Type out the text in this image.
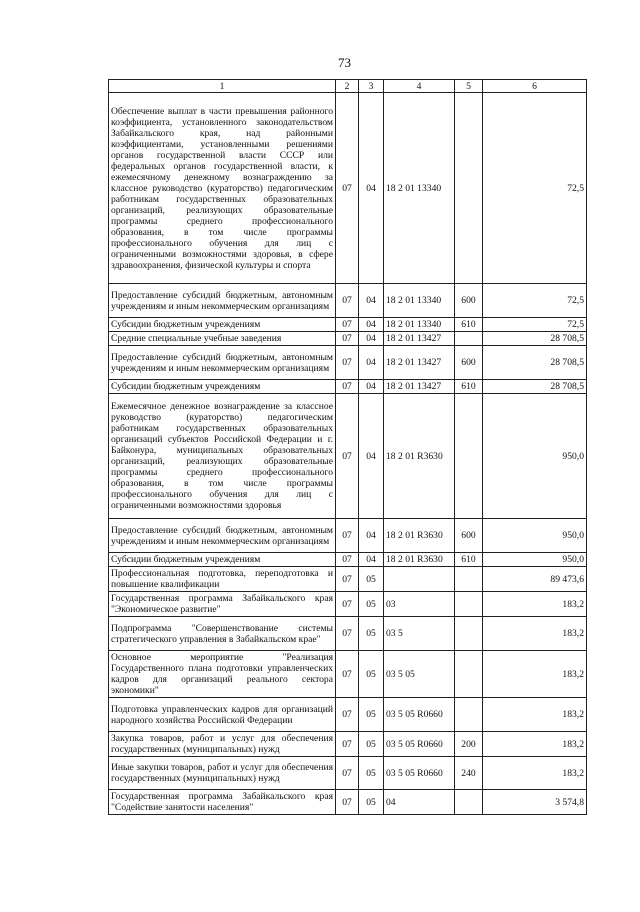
73
1	2	3	4	5	6
Обеспечение выплат в части превышения районного коэффициента, установленного законодательством Забайкальского края, над районными коэффициентами, установленными решениями органов государственной власти СССР или федеральных органов государственной власти, к ежемесячному денежному вознаграждению за классное руководство (кураторство) педагогическим работникам государственных образовательных организаций, реализующих образовательные программы среднего профессионального образования, в том числе программы профессионального обучения для лиц с ограниченными возможностями здоровья, в сфере здравоохранения, физической культуры и спорта	07	04	18 2 01 13340		72,5
Предоставление субсидий бюджетным, автономным учреждениям и иным некоммерческим организациям	07	04	18 2 01 13340	600	72,5
Субсидии бюджетным учреждениям	07	04	18 2 01 13340	610	72,5
Средние специальные учебные заведения	07	04	18 2 01 13427		28 708,5
Предоставление субсидий бюджетным, автономным учреждениям и иным некоммерческим организациям	07	04	18 2 01 13427	600	28 708,5
Субсидии бюджетным учреждениям	07	04	18 2 01 13427	610	28 708,5
Ежемесячное денежное вознаграждение за классное руководство (кураторство) педагогическим работникам государственных образовательных организаций субъектов Российской Федерации и г. Байконура, муниципальных образовательных организаций, реализующих образовательные программы среднего профессионального образования, в том числе программы профессионального обучения для лиц с ограниченными возможностями здоровья	07	04	18 2 01 R3630		950,0
Предоставление субсидий бюджетным, автономным учреждениям и иным некоммерческим организациям	07	04	18 2 01 R3630	600	950,0
Субсидии бюджетным учреждениям	07	04	18 2 01 R3630	610	950,0
Профессиональная подготовка, переподготовка и повышение квалификации	07	05			89 473,6
Государственная программа Забайкальского края "Экономическое развитие"	07	05	03		183,2
Подпрограмма "Совершенствование системы стратегического управления в Забайкальском крае"	07	05	03 5		183,2
Основное мероприятие "Реализация Государственного плана подготовки управленческих кадров для организаций реального сектора экономики"	07	05	03 5 05		183,2
Подготовка управленческих кадров для организаций народного хозяйства Российской Федерации	07	05	03 5 05 R0660		183,2
Закупка товаров, работ и услуг для обеспечения государственных (муниципальных) нужд	07	05	03 5 05 R0660	200	183,2
Иные закупки товаров, работ и услуг для обеспечения государственных (муниципальных) нужд	07	05	03 5 05 R0660	240	183,2
Государственная программа Забайкальского края "Содействие занятости населения"	07	05	04		3 574,8
